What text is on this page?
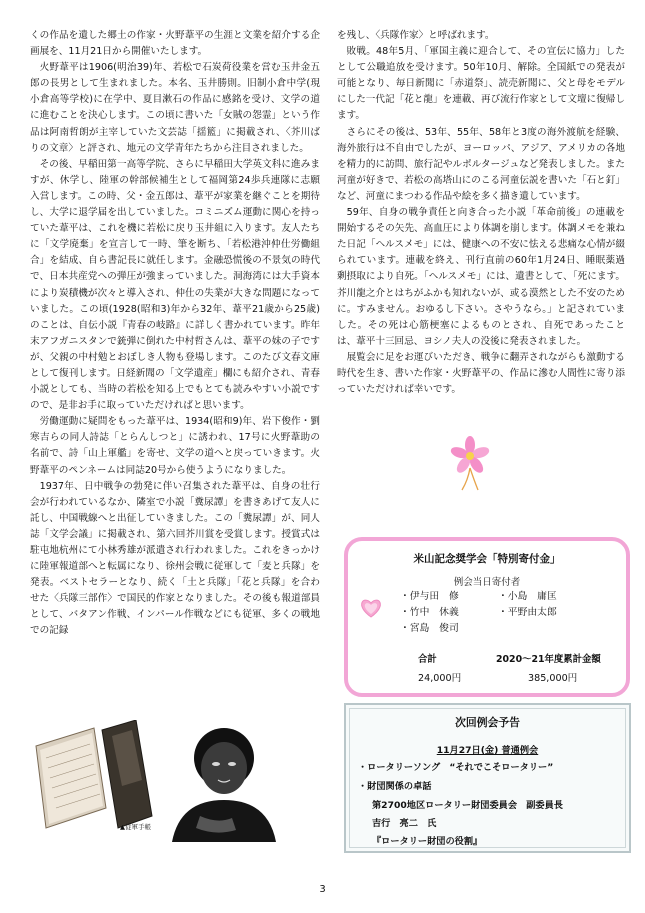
くの作品を遺した郷土の作家・火野葦平の生涯と文業を紹介する企画展を、11月21日から開催いたします。

火野葦平は1906(明治39)年、若松で石炭荷役業を営む玉井金五郎の長男として生まれました。本名、玉井勝則。旧制小倉中学(現小倉高等学校)に在学中、夏目漱石の作品に感銘を受け、文学の道に進むことを決心します。この頃に書いた「女賊の怨霊」という作品は阿南哲朗が主宰していた文芸誌「揺籃」に掲載され、〈芥川ばりの文章〉と評され、地元の文学青年たちから注目されました。

その後、早稲田第一高等学院、さらに早稲田大学英文科に進みますが、休学し、陸軍の幹部候補生として福岡第24歩兵連隊に志願入営します。この時、父・金五郎は、葦平が家業を継ぐことを期待し、大学に退学届を出していました。コミニズム運動に関心を持っていた葦平は、これを機に若松に戻り玉井組に入ります。友人たちに「文学廃棄」を宣言して一時、筆を断ち、「若松港沖仲仕労働組合」を結成、自ら書記長に就任します。金融恐慌後の不景気の時代で、日本共産党への弾圧が強まっていました。洞海湾には大手資本により炭積機が次々と導入され、仲仕の失業が大きな問題になっていました。この頃(1928(昭和3)年から32年、葦平21歳から25歳)のことは、自伝小説『青春の岐路』に詳しく書かれています。昨年末アフガニスタンで銃弾に倒れた中村哲さんは、葦平の妹の子ですが、父親の中村勉とおぼしき人物も登場します。このたび文春文庫として復刊します。日経新聞の「文学遺産」欄にも紹介され、青春小説としても、当時の若松を知る上でもとても読みやすい小説ですので、是非お手に取っていただければと思います。

労働運動に疑問をもった葦平は、1934(昭和9)年、岩下俊作・劉寒吉らの同人詩誌「とらんしつと」に誘われ、17号に火野葦助の名前で、詩「山上軍艦」を寄せ、文学の道へと戻っていきます。火野葦平のペンネームは同誌20号から使うようになりました。

1937年、日中戦争の勃発に伴い召集された葦平は、自身の壮行会が行われているなか、隣室で小説「糞尿譚」を書きあげて友人に託し、中国戦線へと出征していきました。この「糞尿譚」が、同人誌「文学会議」に掲載され、第六回芥川賞を受賞します。授賞式は駐屯地杭州にて小林秀雄が派遣され行われました。これをきっかけに陸軍報道部へと転属になり、徐州会戦に従軍して「麦と兵隊」を発表。ベストセラーとなり、続く「土と兵隊」「花と兵隊」を合わせた〈兵隊三部作〉で国民的作家となりました。その後も報道部員として、バタアン作戦、インパール作戦などにも従軍、多くの戦地での記録

を残し、〈兵隊作家〉と呼ばれます。

敗戦。48年5月、「軍国主義に迎合して、その宣伝に協力」したとして公職追放を受けます。50年10月、解除。全国紙での発表が可能となり、毎日新聞に「赤道祭」、読売新聞に、父と母をモデルにした一代記「花と龍」を連載、再び流行作家として文壇に復帰します。

さらにその後は、53年、55年、58年と3度の海外渡航を経験、海外旅行は不自由でしたが、ヨーロッパ、アジア、アメリカの各地を精力的に訪問、旅行記やルポルタージュなど発表しました。また河童が好きで、若松の高塔山にのこる河童伝説を書いた「石と釘」など、河童にまつわる作品や絵を多く描き遺しています。

59年、自身の戦争責任と向き合った小説「革命前後」の連載を開始するその矢先、高血圧により体調を崩します。体調メモを兼ねた日記「ヘルスメモ」には、健康への不安に怯える悲痛な心情が綴られています。連載を終え、刊行直前の60年1月24日、睡眠薬過剰摂取により自死。「ヘルスメモ」には、遺書として、「死にます。芥川龍之介とはちがふかも知れないが、或る漠然とした不安のために。すみません。おゆるし下さい。さやうなら。」と記されていました。その死は心筋梗塞によるものとされ、自死であったことは、葦平十三回忌、ヨシノ夫人の没後に発表されました。

展覧会に足をお運びいただき、戦争に翻弄されながらも激動する時代を生き、書いた作家・火野葦平の、作品に滲む人間性に寄り添っていただければ幸いです。

▲従軍手帳
米山記念奨学会「特別寄付金」
例会当日寄付者
・伊与田　修	・小島　庸匡
・竹中　休義	・平野由太郎
・宮島　俊司
合計	2020～21年度累計金額
24,000円	385,000円
次回例会予告
11月27日(金) 普通例会
・ロータリーソング　“それでこそロータリー”
・財団関係の卓話
第2700地区ロータリー財団委員会　副委員長
吉行　亮二　氏
『ロータリー財団の役割』
3
